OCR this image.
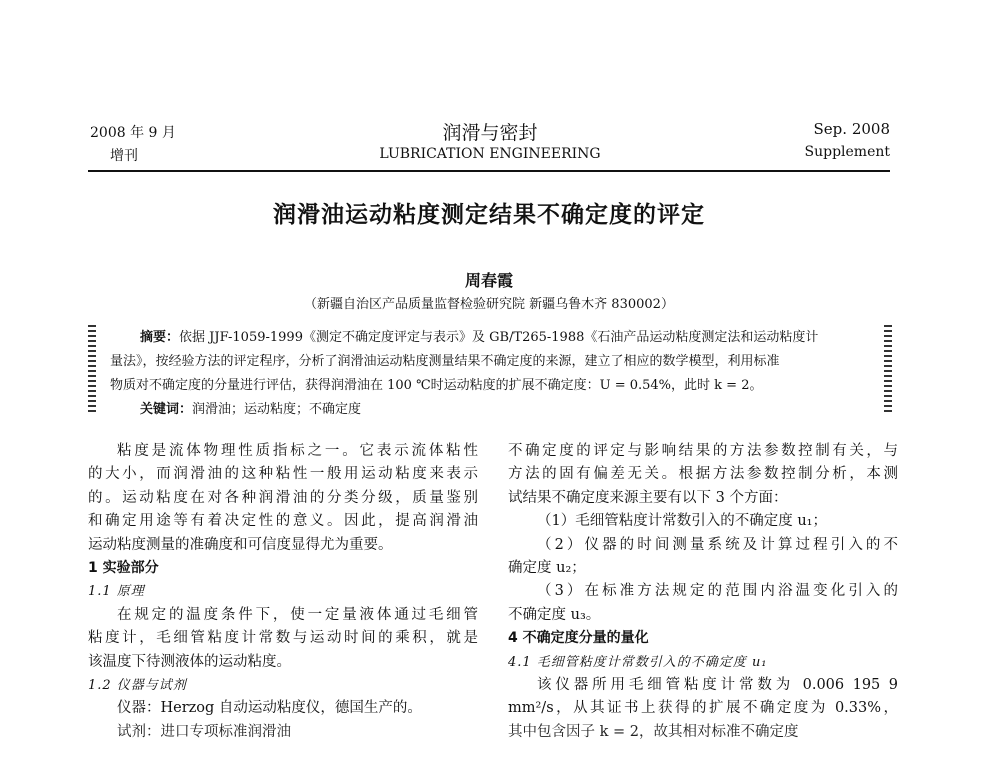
2008 年 9 月
增刊
润滑与密封
LUBRICATION ENGINEERING
Sep. 2008
Supplement
润滑油运动粘度测定结果不确定度的评定
周春霞
（新疆自治区产品质量监督检验研究院 新疆乌鲁木齐 830002）
摘要：依据 JJF-1059-1999《测定不确定度评定与表示》及 GB/T265-1988《石油产品运动粘度测定法和运动粘度计
量法》，按经验方法的评定程序，分析了润滑油运动粘度测量结果不确定度的来源，建立了相应的数学模型，利用标准
物质对不确定度的分量进行评估，获得润滑油在 100 ℃时运动粘度的扩展不确定度：U = 0.54%，此时 k = 2。
关键词：润滑油；运动粘度；不确定度
粘度是流体物理性质指标之一。它表示流体粘性
的大小，而润滑油的这种粘性一般用运动粘度来表示
的。运动粘度在对各种润滑油的分类分级，质量鉴别
和确定用途等有着决定性的意义。因此，提高润滑油
运动粘度测量的准确度和可信度显得尤为重要。
1 实验部分
1.1 原理
在规定的温度条件下，使一定量液体通过毛细管
粘度计，毛细管粘度计常数与运动时间的乘积，就是
该温度下待测液体的运动粘度。
1.2 仪器与试剂
仪器：Herzog 自动运动粘度仪，德国生产的。
试剂：进口专项标准润滑油
不确定度的评定与影响结果的方法参数控制有关，与
方法的固有偏差无关。根据方法参数控制分析，本测
试结果不确定度来源主要有以下 3 个方面：
（1）毛细管粘度计常数引入的不确定度 u₁；
（2）仪器的时间测量系统及计算过程引入的不
确定度 u₂；
（3）在标准方法规定的范围内浴温变化引入的
不确定度 u₃。
4 不确定度分量的量化
4.1 毛细管粘度计常数引入的不确定度 u₁
该仪器所用毛细管粘度计常数为 0.006 195 9
mm²/s，从其证书上获得的扩展不确定度为 0.33%，
其中包含因子 k = 2，故其相对标准不确定度
